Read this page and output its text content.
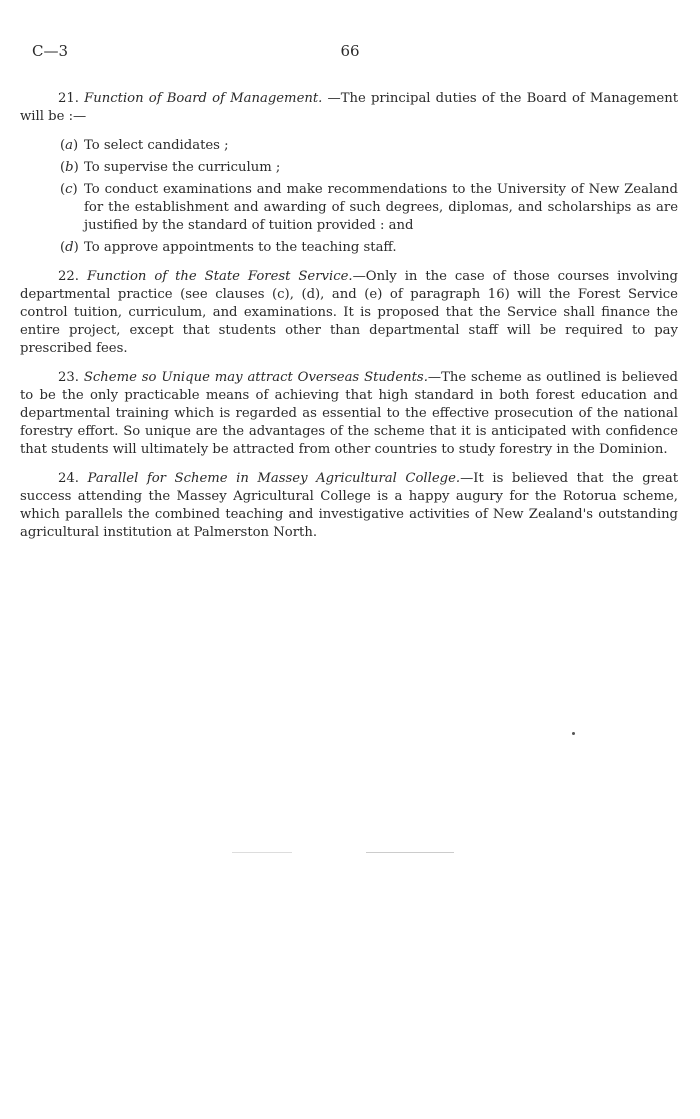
C—3	66

21. Function of Board of Management. —The principal duties of the Board of Management will be :—

(a) To select candidates ;
(b) To supervise the curriculum ;
(c) To conduct examinations and make recommendations to the University of New Zealand for the establishment and awarding of such degrees, diplomas, and scholarships as are justified by the standard of tuition provided : and
(d) To approve appointments to the teaching staff.

22. Function of the State Forest Service.—Only in the case of those courses involving departmental practice (see clauses (c), (d), and (e) of paragraph 16) will the Forest Service control tuition, curriculum, and examinations. It is proposed that the Service shall finance the entire project, except that students other than departmental staff will be required to pay prescribed fees.

23. Scheme so Unique may attract Overseas Students.—The scheme as outlined is believed to be the only practicable means of achieving that high standard in both forest education and departmental training which is regarded as essential to the effective prosecution of the national forestry effort. So unique are the advantages of the scheme that it is anticipated with confidence that students will ultimately be attracted from other countries to study forestry in the Dominion.

24. Parallel for Scheme in Massey Agricultural College.—It is believed that the great success attending the Massey Agricultural College is a happy augury for the Rotorua scheme, which parallels the combined teaching and investigative activities of New Zealand's outstanding agricultural institution at Palmerston North.
